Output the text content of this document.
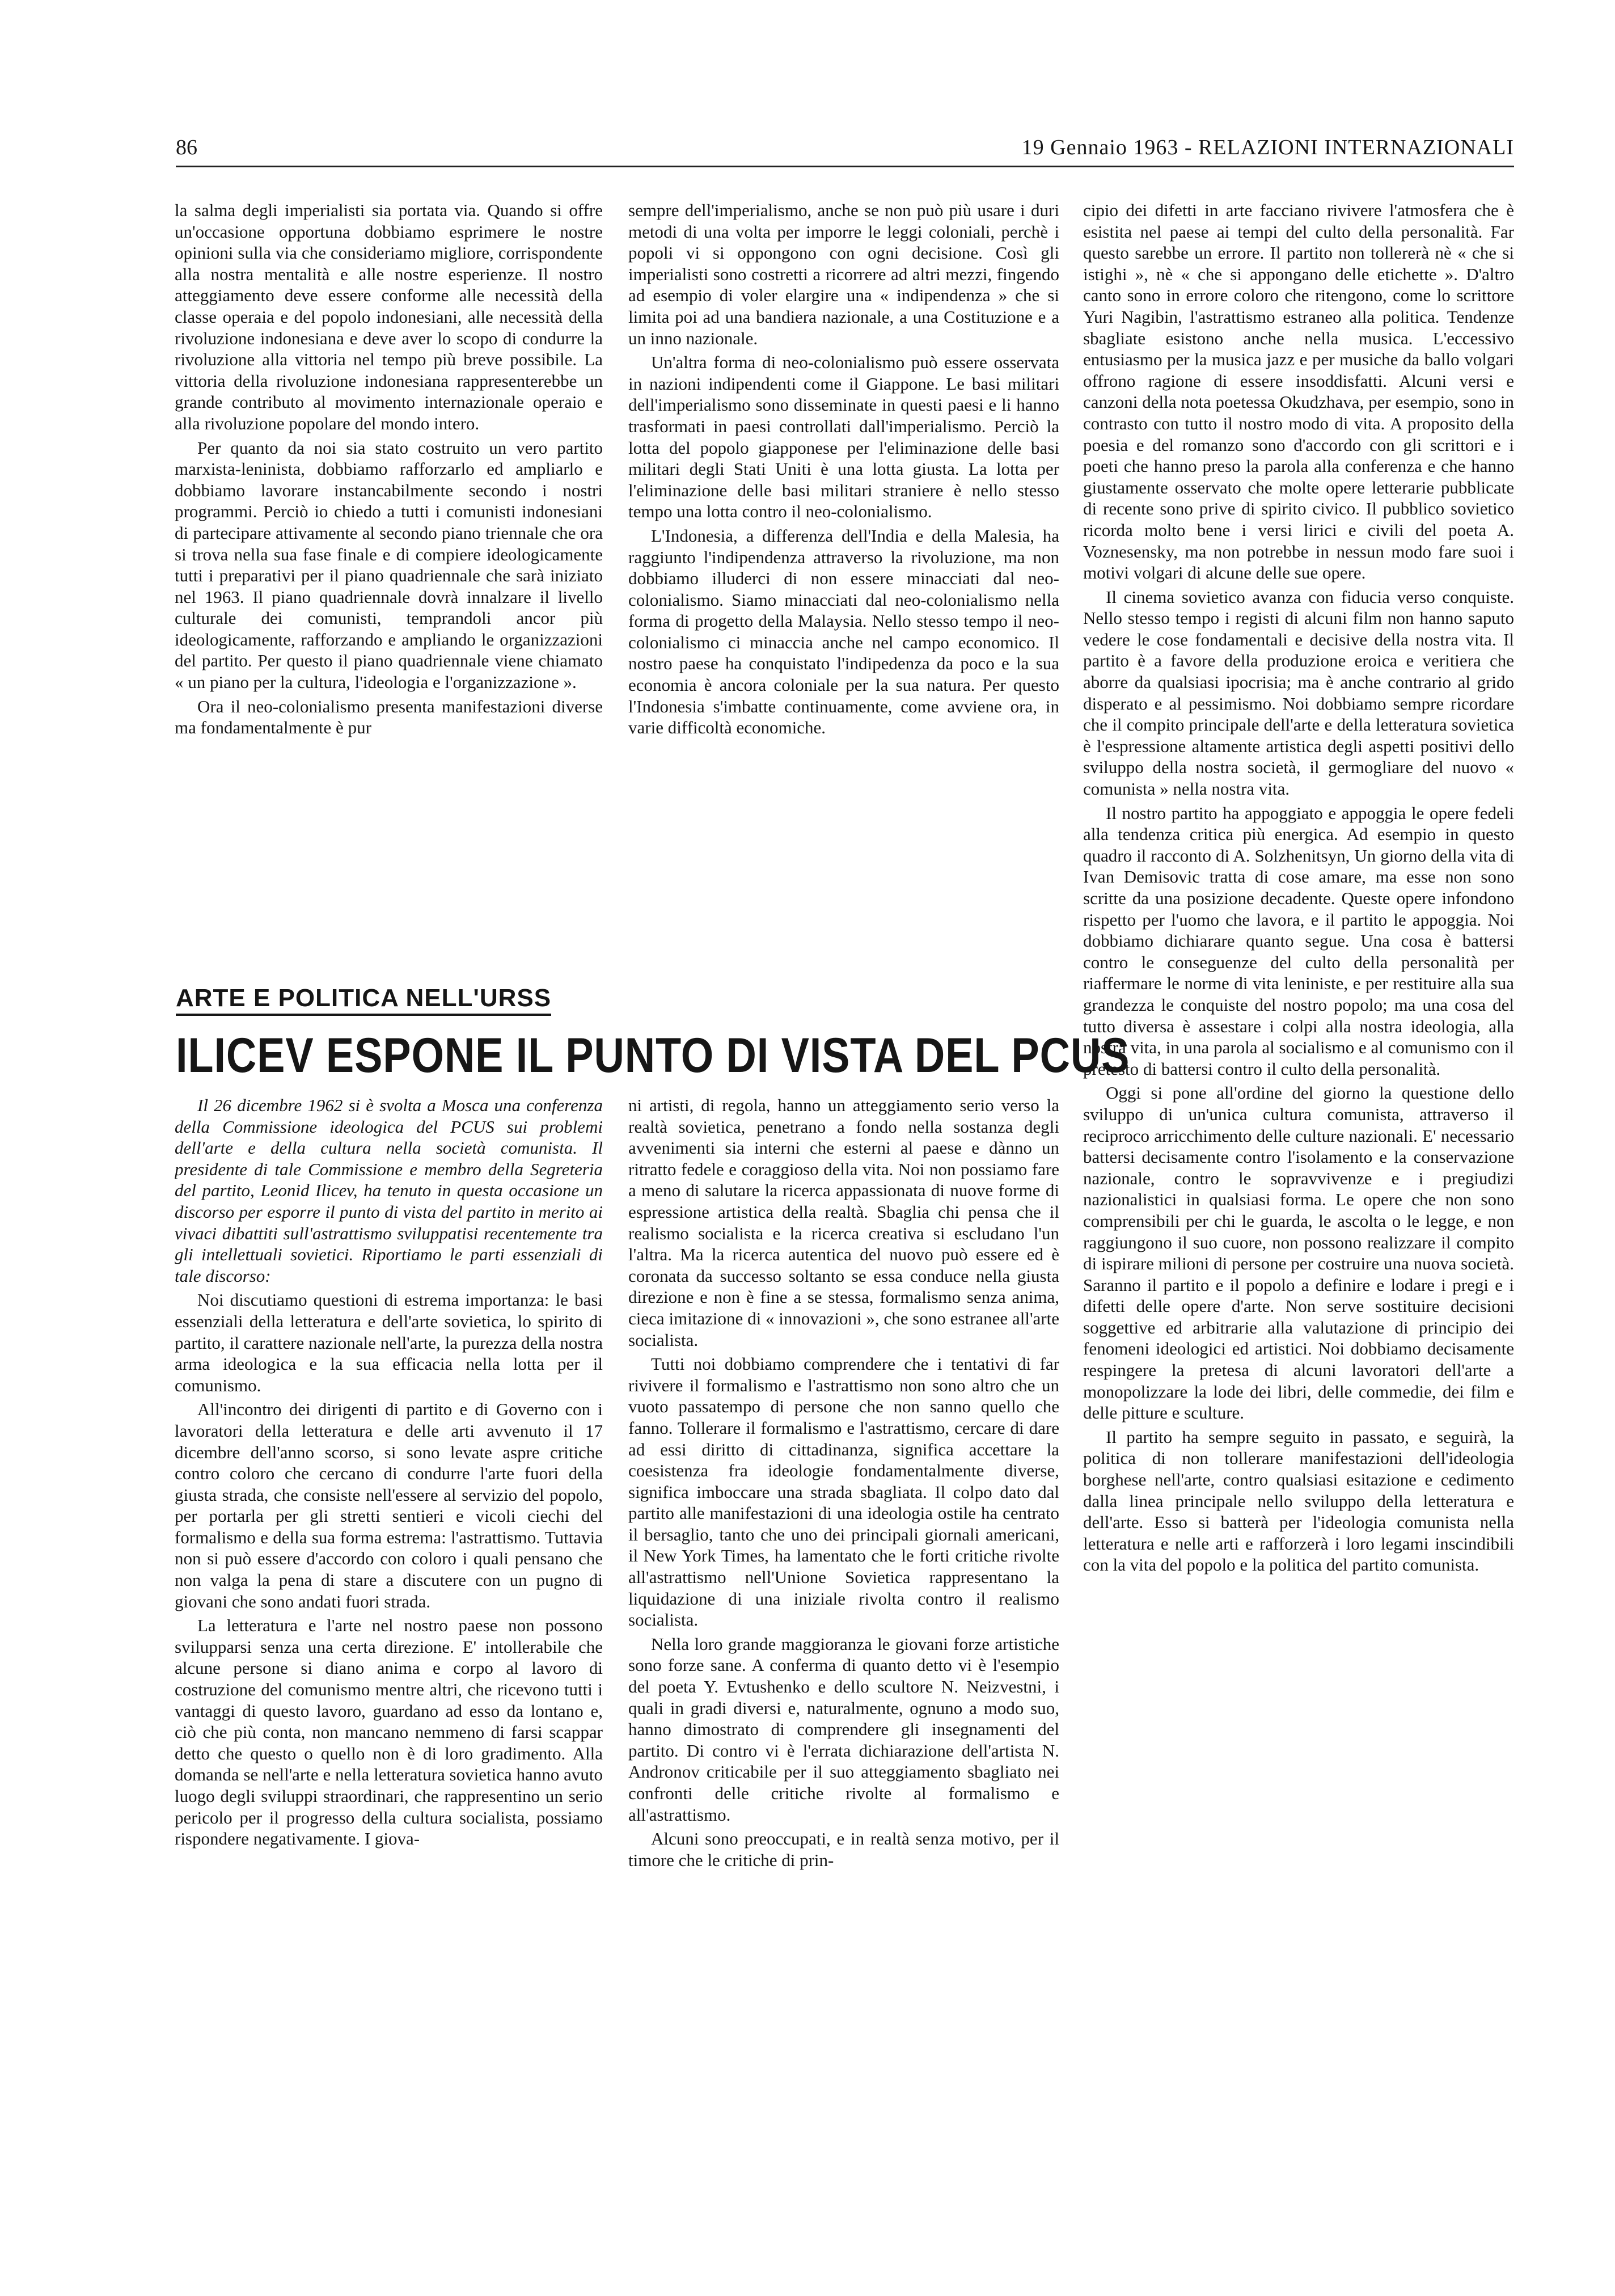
86	19 Gennaio 1963 - RELAZIONI INTERNAZIONALI

la salma degli imperialisti sia portata via. Quando si offre un'occasione opportuna dobbiamo esprimere le nostre opinioni sulla via che consideriamo migliore, corrispondente alla nostra mentalità e alle nostre esperienze. Il nostro atteggiamento deve essere conforme alle necessità della classe operaia e del popolo indonesiani, alle necessità della rivoluzione indonesiana e deve aver lo scopo di condurre la rivoluzione alla vittoria nel tempo più breve possibile. La vittoria della rivoluzione indonesiana rappresenterebbe un grande contributo al movimento internazionale operaio e alla rivoluzione popolare del mondo intero.

Per quanto da noi sia stato costruito un vero partito marxista-leninista, dobbiamo rafforzarlo ed ampliarlo e dobbiamo lavorare instancabilmente secondo i nostri programmi. Perciò io chiedo a tutti i comunisti indonesiani di partecipare attivamente al secondo piano triennale che ora si trova nella sua fase finale e di compiere ideologicamente tutti i preparativi per il piano quadriennale che sarà iniziato nel 1963. Il piano quadriennale dovrà innalzare il livello culturale dei comunisti, temprandoli ancor più ideologicamente, rafforzando e ampliando le organizzazioni del partito. Per questo il piano quadriennale viene chiamato « un piano per la cultura, l'ideologia e l'organizzazione ».

Ora il neo-colonialismo presenta manifestazioni diverse ma fondamentalmente è pur

sempre dell'imperialismo, anche se non può più usare i duri metodi di una volta per imporre le leggi coloniali, perchè i popoli vi si oppongono con ogni decisione. Così gli imperialisti sono costretti a ricorrere ad altri mezzi, fingendo ad esempio di voler elargire una « indipendenza » che si limita poi ad una bandiera nazionale, a una Costituzione e a un inno nazionale.

Un'altra forma di neo-colonialismo può essere osservata in nazioni indipendenti come il Giappone. Le basi militari dell'imperialismo sono disseminate in questi paesi e li hanno trasformati in paesi controllati dall'imperialismo. Perciò la lotta del popolo giapponese per l'eliminazione delle basi militari degli Stati Uniti è una lotta giusta. La lotta per l'eliminazione delle basi militari straniere è nello stesso tempo una lotta contro il neo-colonialismo.

L'Indonesia, a differenza dell'India e della Malesia, ha raggiunto l'indipendenza attraverso la rivoluzione, ma non dobbiamo illuderci di non essere minacciati dal neo-colonialismo. Siamo minacciati dal neo-colonialismo nella forma di progetto della Malaysia. Nello stesso tempo il neo-colonialismo ci minaccia anche nel campo economico. Il nostro paese ha conquistato l'indipedenza da poco e la sua economia è ancora coloniale per la sua natura. Per questo l'Indonesia s'imbatte continuamente, come avviene ora, in varie difficoltà economiche.

ARTE E POLITICA NELL'URSS
ILICEV ESPONE IL PUNTO DI VISTA DEL PCUS

Il 26 dicembre 1962 si è svolta a Mosca una conferenza della Commissione ideologica del PCUS sui problemi dell'arte e della cultura nella società comunista. Il presidente di tale Commissione e membro della Segreteria del partito, Leonid Ilicev, ha tenuto in questa occasione un discorso per esporre il punto di vista del partito in merito ai vivaci dibattiti sull'astrattismo sviluppatisi recentemente tra gli intellettuali sovietici. Riportiamo le parti essenziali di tale discorso:

Noi discutiamo questioni di estrema importanza: le basi essenziali della letteratura e dell'arte sovietica, lo spirito di partito, il carattere nazionale nell'arte, la purezza della nostra arma ideologica e la sua efficacia nella lotta per il comunismo.

All'incontro dei dirigenti di partito e di Governo con i lavoratori della letteratura e delle arti avvenuto il 17 dicembre dell'anno scorso, si sono levate aspre critiche contro coloro che cercano di condurre l'arte fuori della giusta strada, che consiste nell'essere al servizio del popolo, per portarla per gli stretti sentieri e vicoli ciechi del formalismo e della sua forma estrema: l'astrattismo. Tuttavia non si può essere d'accordo con coloro i quali pensano che non valga la pena di stare a discutere con un pugno di giovani che sono andati fuori strada.

La letteratura e l'arte nel nostro paese non possono svilupparsi senza una certa direzione. E' intollerabile che alcune persone si diano anima e corpo al lavoro di costruzione del comunismo mentre altri, che ricevono tutti i vantaggi di questo lavoro, guardano ad esso da lontano e, ciò che più conta, non mancano nemmeno di farsi scappar detto che questo o quello non è di loro gradimento. Alla domanda se nell'arte e nella letteratura sovietica hanno avuto luogo degli sviluppi straordinari, che rappresentino un serio pericolo per il progresso della cultura socialista, possiamo rispondere negativamente. I giova-

ni artisti, di regola, hanno un atteggiamento serio verso la realtà sovietica, penetrano a fondo nella sostanza degli avvenimenti sia interni che esterni al paese e dànno un ritratto fedele e coraggioso della vita. Noi non possiamo fare a meno di salutare la ricerca appassionata di nuove forme di espressione artistica della realtà. Sbaglia chi pensa che il realismo socialista e la ricerca creativa si escludano l'un l'altra. Ma la ricerca autentica del nuovo può essere ed è coronata da successo soltanto se essa conduce nella giusta direzione e non è fine a se stessa, formalismo senza anima, cieca imitazione di « innovazioni », che sono estranee all'arte socialista.

Tutti noi dobbiamo comprendere che i tentativi di far rivivere il formalismo e l'astrattismo non sono altro che un vuoto passatempo di persone che non sanno quello che fanno. Tollerare il formalismo e l'astrattismo, cercare di dare ad essi diritto di cittadinanza, significa accettare la coesistenza fra ideologie fondamentalmente diverse, significa imboccare una strada sbagliata. Il colpo dato dal partito alle manifestazioni di una ideologia ostile ha centrato il bersaglio, tanto che uno dei principali giornali americani, il New York Times, ha lamentato che le forti critiche rivolte all'astrattismo nell'Unione Sovietica rappresentano la liquidazione di una iniziale rivolta contro il realismo socialista.

Nella loro grande maggioranza le giovani forze artistiche sono forze sane. A conferma di quanto detto vi è l'esempio del poeta Y. Evtushenko e dello scultore N. Neizvestni, i quali in gradi diversi e, naturalmente, ognuno a modo suo, hanno dimostrato di comprendere gli insegnamenti del partito. Di contro vi è l'errata dichiarazione dell'artista N. Andronov criticabile per il suo atteggiamento sbagliato nei confronti delle critiche rivolte al formalismo e all'astrattismo.

Alcuni sono preoccupati, e in realtà senza motivo, per il timore che le critiche di prin-

cipio dei difetti in arte facciano rivivere l'atmosfera che è esistita nel paese ai tempi del culto della personalità. Far questo sarebbe un errore. Il partito non tollererà nè « che si istighi », nè « che si appongano delle etichette ». D'altro canto sono in errore coloro che ritengono, come lo scrittore Yuri Nagibin, l'astrattismo estraneo alla politica. Tendenze sbagliate esistono anche nella musica. L'eccessivo entusiasmo per la musica jazz e per musiche da ballo volgari offrono ragione di essere insoddisfatti. Alcuni versi e canzoni della nota poetessa Okudzhava, per esempio, sono in contrasto con tutto il nostro modo di vita. A proposito della poesia e del romanzo sono d'accordo con gli scrittori e i poeti che hanno preso la parola alla conferenza e che hanno giustamente osservato che molte opere letterarie pubblicate di recente sono prive di spirito civico. Il pubblico sovietico ricorda molto bene i versi lirici e civili del poeta A. Voznesensky, ma non potrebbe in nessun modo fare suoi i motivi volgari di alcune delle sue opere.

Il cinema sovietico avanza con fiducia verso conquiste. Nello stesso tempo i registi di alcuni film non hanno saputo vedere le cose fondamentali e decisive della nostra vita. Il partito è a favore della produzione eroica e veritiera che aborre da qualsiasi ipocrisia; ma è anche contrario al grido disperato e al pessimismo. Noi dobbiamo sempre ricordare che il compito principale dell'arte e della letteratura sovietica è l'espressione altamente artistica degli aspetti positivi dello sviluppo della nostra società, il germogliare del nuovo « comunista » nella nostra vita.

Il nostro partito ha appoggiato e appoggia le opere fedeli alla tendenza critica più energica. Ad esempio in questo quadro il racconto di A. Solzhenitsyn, Un giorno della vita di Ivan Demisovic tratta di cose amare, ma esse non sono scritte da una posizione decadente. Queste opere infondono rispetto per l'uomo che lavora, e il partito le appoggia. Noi dobbiamo dichiarare quanto segue. Una cosa è battersi contro le conseguenze del culto della personalità per riaffermare le norme di vita leniniste, e per restituire alla sua grandezza le conquiste del nostro popolo; ma una cosa del tutto diversa è assestare i colpi alla nostra ideologia, alla nostra vita, in una parola al socialismo e al comunismo con il pretesto di battersi contro il culto della personalità.

Oggi si pone all'ordine del giorno la questione dello sviluppo di un'unica cultura comunista, attraverso il reciproco arricchimento delle culture nazionali. E' necessario battersi decisamente contro l'isolamento e la conservazione nazionale, contro le sopravvivenze e i pregiudizi nazionalistici in qualsiasi forma. Le opere che non sono comprensibili per chi le guarda, le ascolta o le legge, e non raggiungono il suo cuore, non possono realizzare il compito di ispirare milioni di persone per costruire una nuova società. Saranno il partito e il popolo a definire e lodare i pregi e i difetti delle opere d'arte. Non serve sostituire decisioni soggettive ed arbitrarie alla valutazione di principio dei fenomeni ideologici ed artistici. Noi dobbiamo decisamente respingere la pretesa di alcuni lavoratori dell'arte a monopolizzare la lode dei libri, delle commedie, dei film e delle pitture e sculture.

Il partito ha sempre seguito in passato, e seguirà, la politica di non tollerare manifestazioni dell'ideologia borghese nell'arte, contro qualsiasi esitazione e cedimento dalla linea principale nello sviluppo della letteratura e dell'arte. Esso si batterà per l'ideologia comunista nella letteratura e nelle arti e rafforzerà i loro legami inscindibili con la vita del popolo e la politica del partito comunista.
